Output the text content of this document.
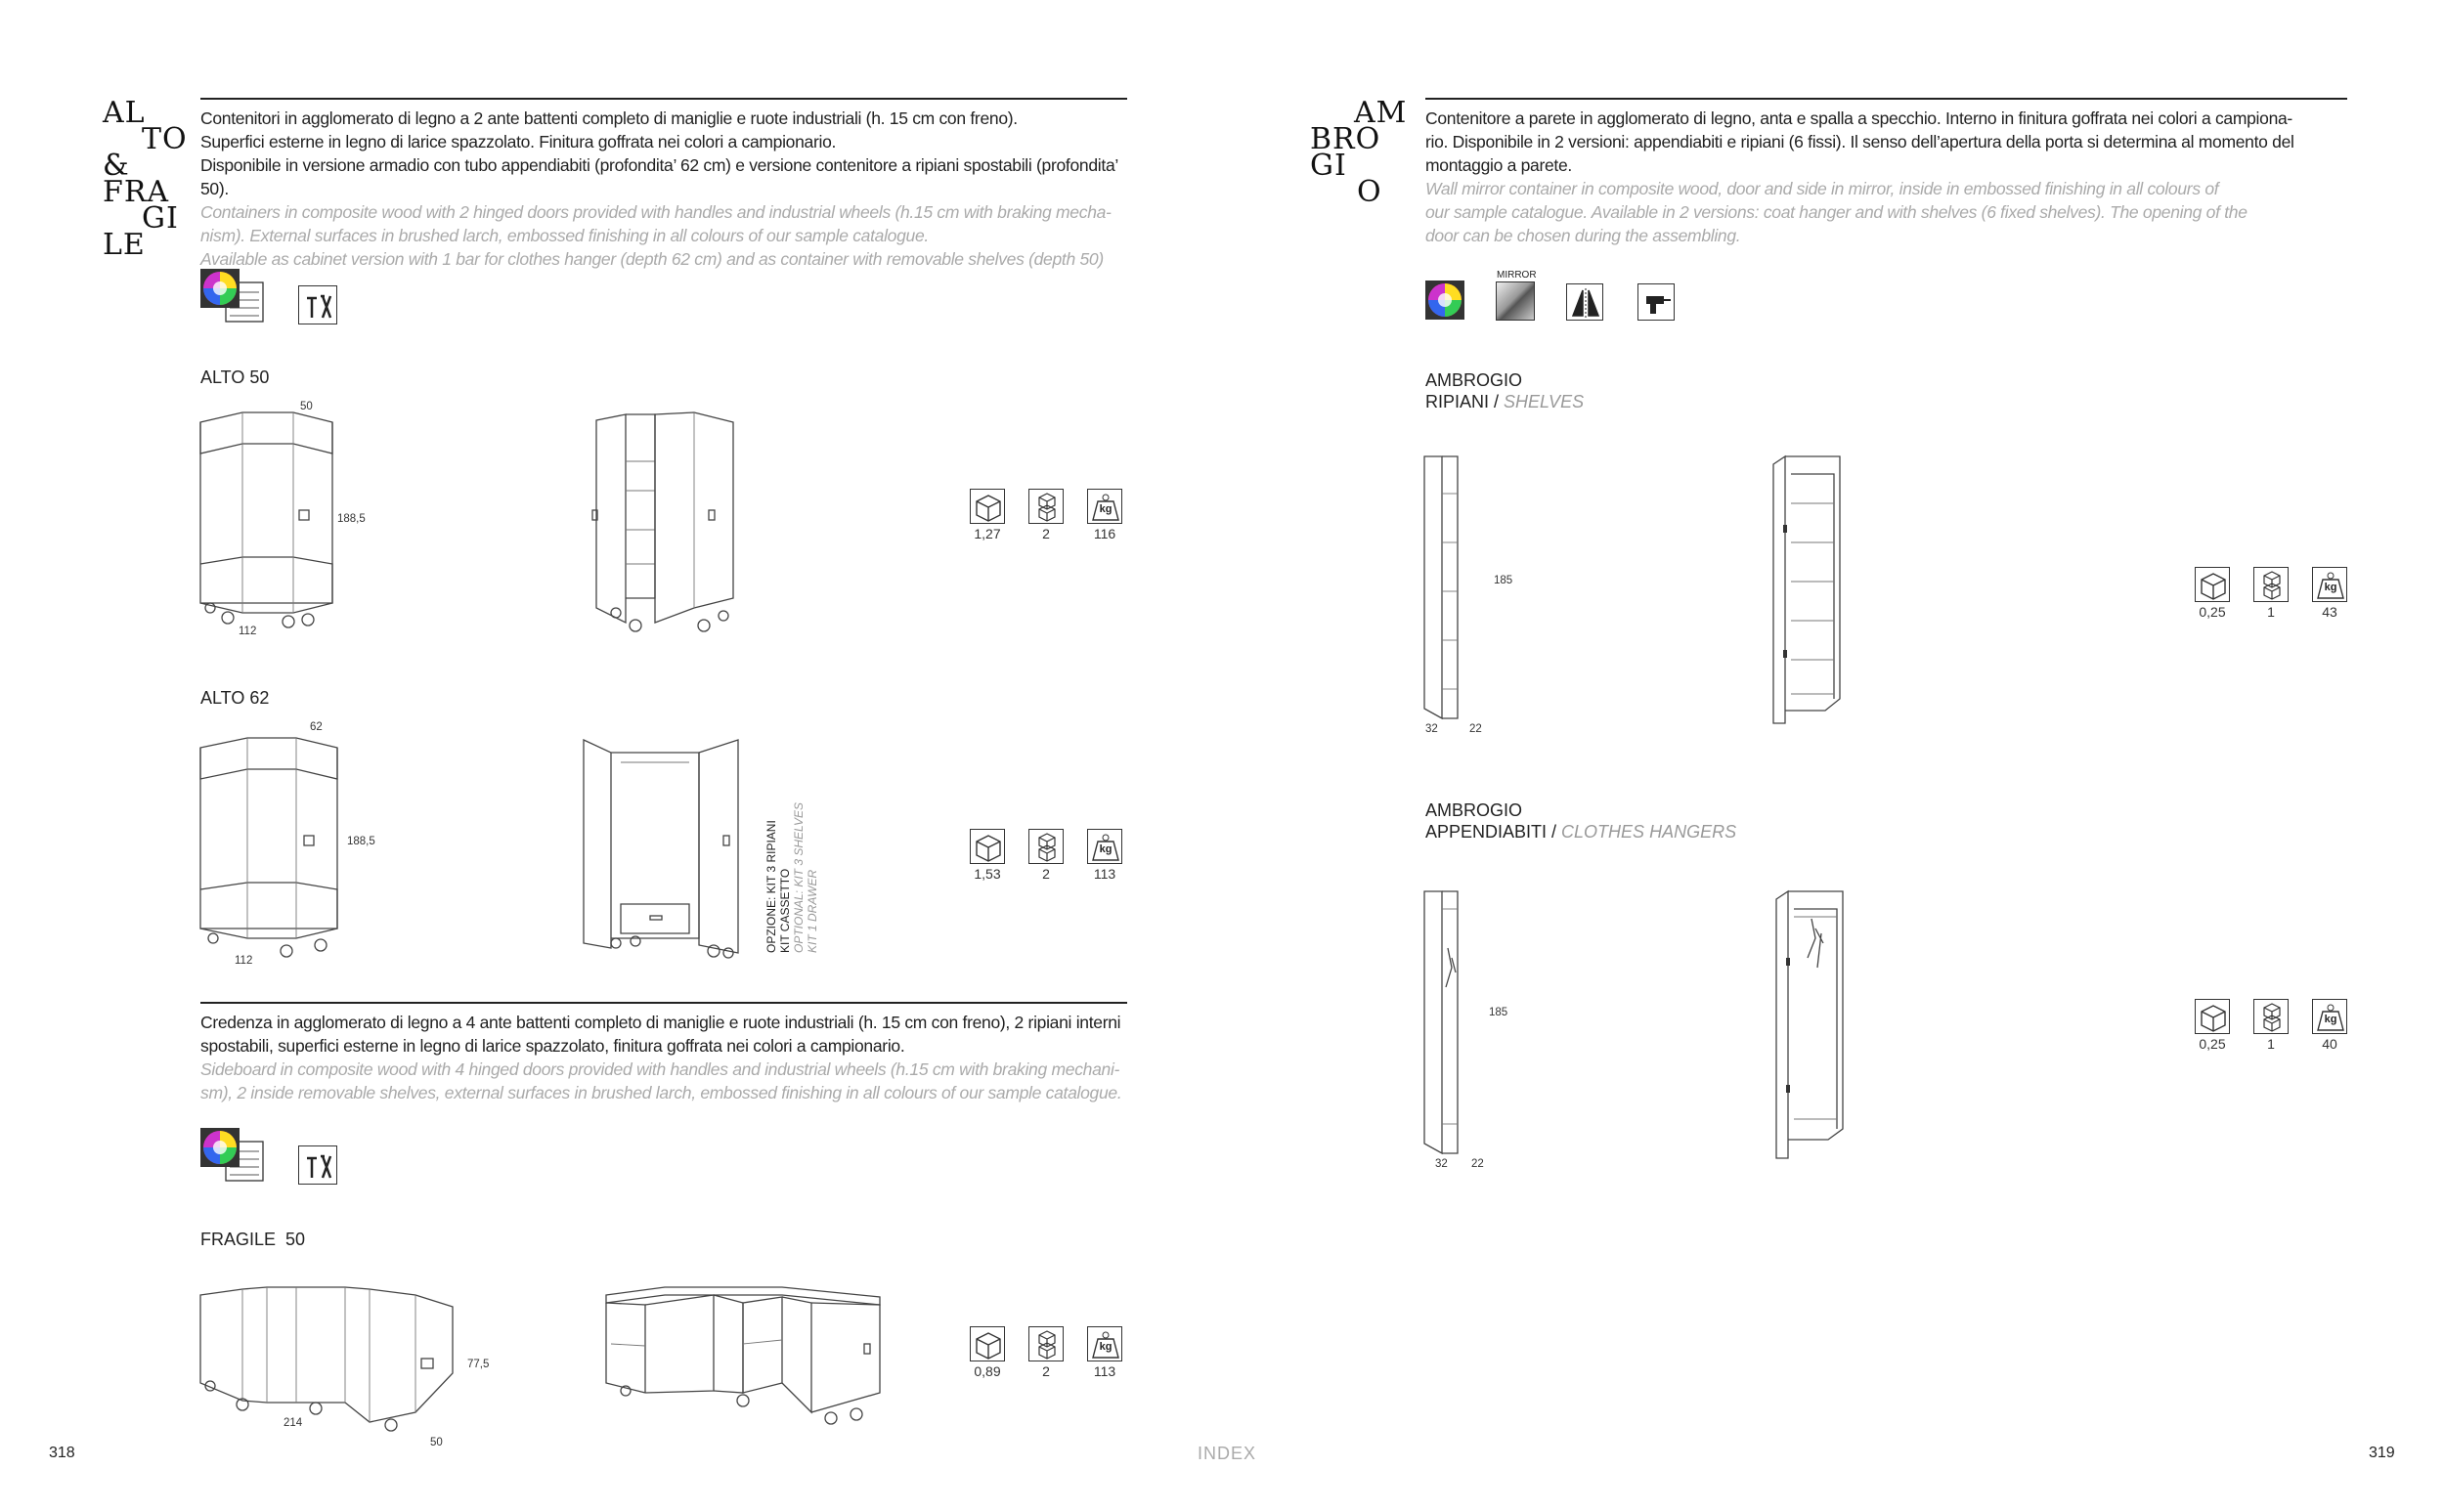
AL
TO
&
FRA
GI
LE
Contenitori in agglomerato di legno a 2 ante battenti completo di maniglie e ruote industriali (h. 15 cm con freno).
Superfici esterne in legno di larice spazzolato. Finitura goffrata nei colori a campionario.
Disponibile in versione armadio con tubo appendiabiti (profondita’ 62 cm) e versione contenitore a ripiani spostabili (profondita’ 50).
Containers in composite wood with 2 hinged doors provided with handles and industrial wheels (h.15 cm with braking mecha-
nism). External surfaces in brushed larch, embossed finishing in all colours of our sample catalogue.
Available as cabinet version with 1 bar for clothes hanger (depth 62 cm) and as container with removable shelves (depth 50)
ALTO 50
50
188,5
112
kg
1,27	2	116
ALTO 62
62
188,5
112
OPZIONE: KIT 3 RIPIANI KIT CASSETTO OPTIONAL: KIT 3 SHELVES KIT 1 DRAWER
kg
1,53	2	113
Credenza in agglomerato di legno a 4 ante battenti completo di maniglie e ruote industriali (h. 15 cm con freno), 2 ripiani interni
spostabili, superfici esterne in legno di larice spazzolato, finitura goffrata nei colori a campionario.
Sideboard in composite wood with 4 hinged doors provided with handles and industrial wheels (h.15 cm with braking mechani-
sm), 2 inside removable shelves, external surfaces in brushed larch, embossed finishing in all colours of our sample catalogue.
FRAGILE  50
77,5
214
50
kg
0,89	2	113
318	INDEX
AM
BRO
GI
O
Contenitore a parete in agglomerato di legno, anta e spalla a specchio. Interno in finitura goffrata nei colori a campiona-
rio. Disponibile in 2 versioni: appendiabiti e ripiani (6 fissi). Il senso dell’apertura della porta si determina al momento del
montaggio a parete.
Wall mirror container in composite wood, door and side in mirror, inside in embossed finishing in all colours of
our sample catalogue. Available in 2 versions: coat hanger and with shelves (6 fixed shelves). The opening of the
door can be chosen during the assembling.
MIRROR
AMBROGIO
RIPIANI / SHELVES
185
32	22
kg
0,25	1	43
AMBROGIO
APPENDIABITI / CLOTHES HANGERS
185
32 22
kg
0,25	1	40
319
